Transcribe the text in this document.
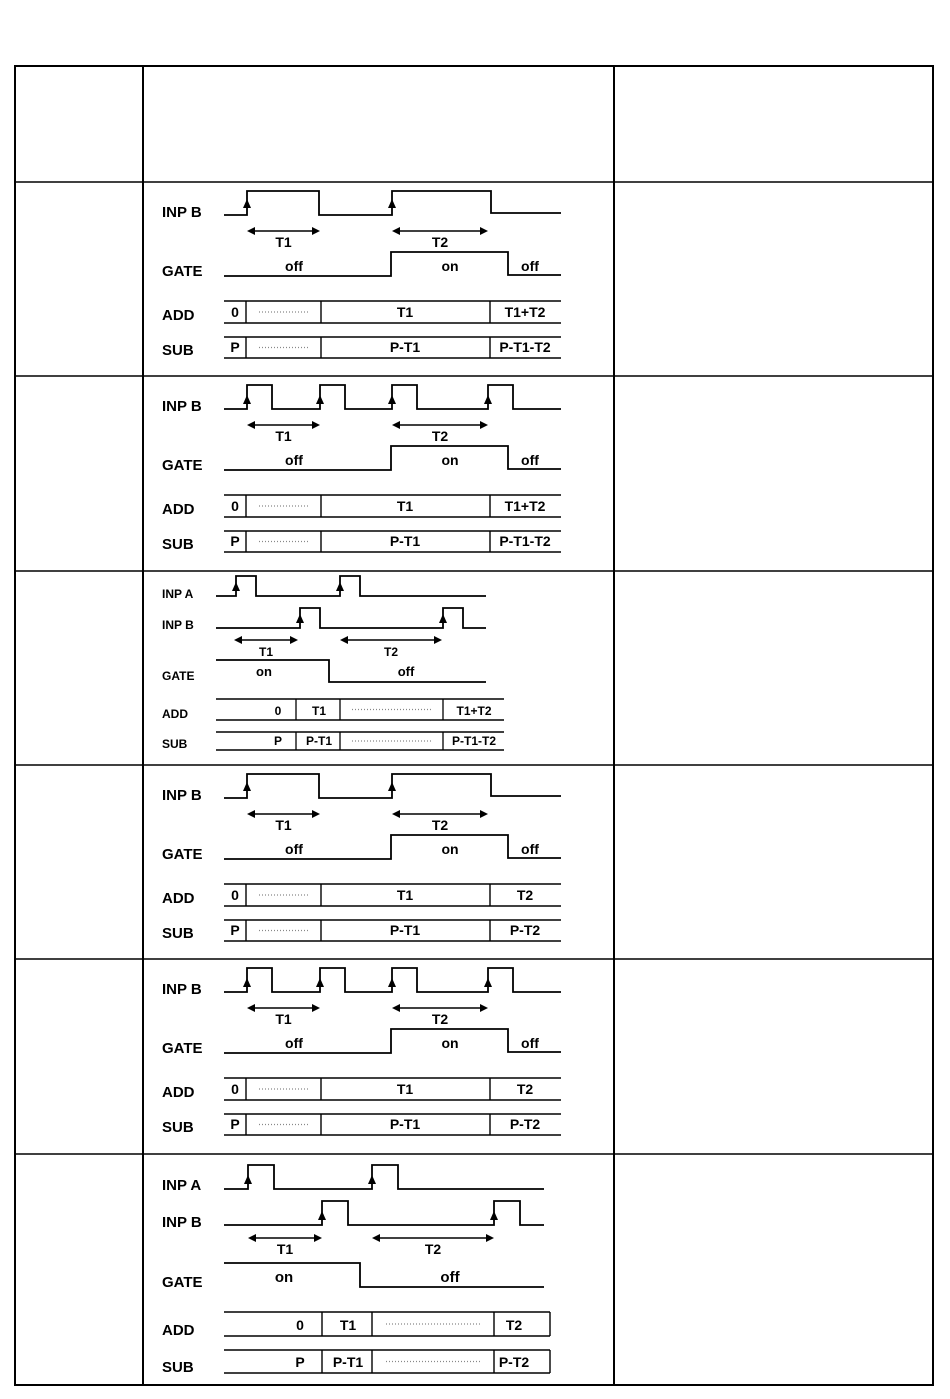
INP B
T1	T2
GATE	off	on	off
ADD	0	T1	T1+T2
SUB	P	P-T1	P-T1-T2
INP B
T1	T2
GATE	off	on	off
ADD	0	T1	T1+T2
SUB	P	P-T1	P-T1-T2
INP A
INP B
T1	T2
GATE	on	off
ADD	0	T1	T1+T2
SUB	P P-T1	P-T1-T2
INP B
T1	T2
GATE	off	on	off
ADD	0	T1	T2
SUB	P	P-T1	P-T2
INP B
T1	T2
GATE	off	on	off
ADD	0	T1	T2
SUB	P	P-T1	P-T2
INP A
INP B
T1	T2
GATE	on	off
ADD	0	T1	T2
SUB	P P-T1	P-T2
